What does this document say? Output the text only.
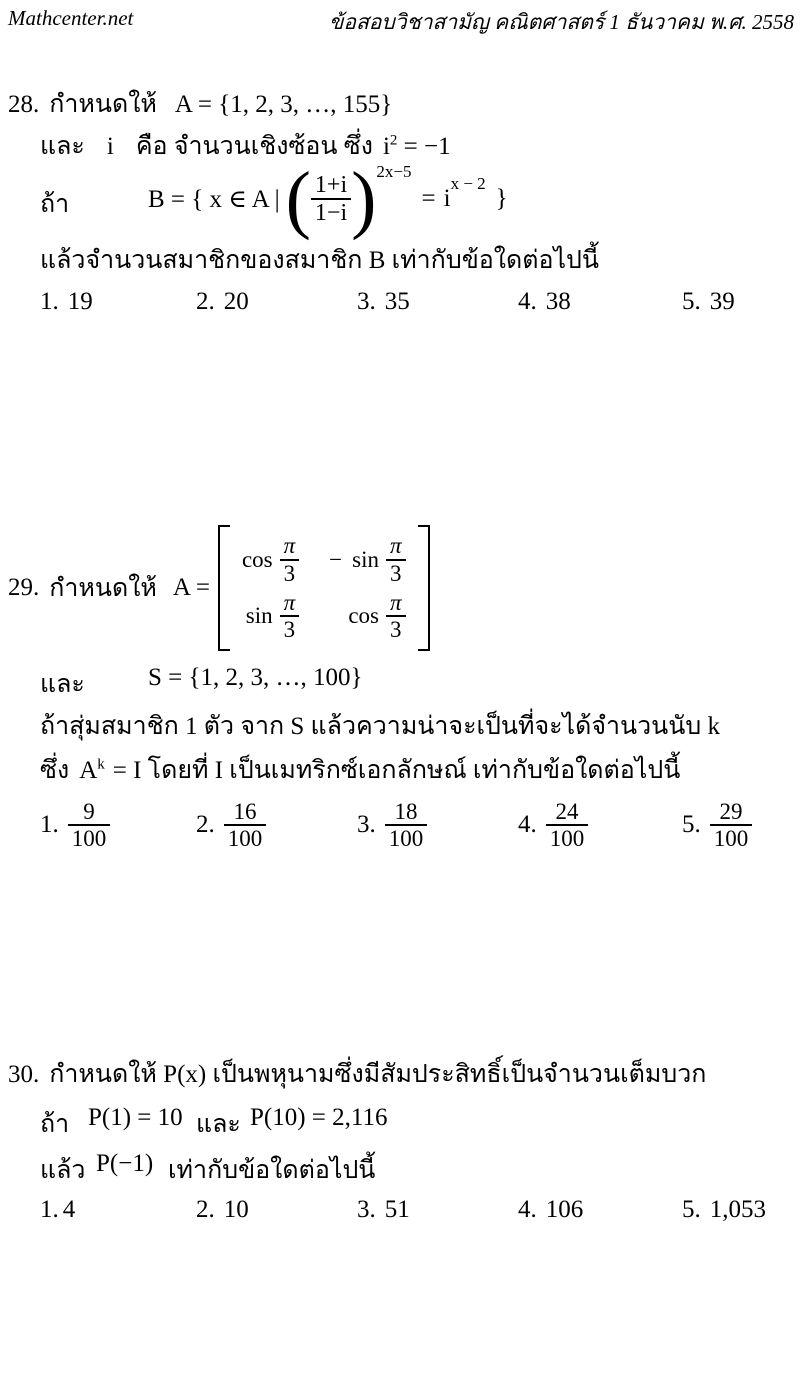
Mathcenter.net	ข้อสอบวิชาสามัญ คณิตศาสตร์ 1 ธันวาคม พ.ศ. 2558
28. กำหนดให้ A = {1, 2, 3, …, 155}
และ i คือ จำนวนเชิงซ้อน ซึ่ง $i^2 = -1$
ถ้า	B = { x ∈ A | ( $\frac{1+i}{1-i}$ ) 2x−5
= i
x − 2
}
แล้วจำนวนสมาชิกของสมาชิก B เท่ากับข้อใดต่อไปนี้
1. 19	2. 20	3. 35	4. 38	5. 39
29. กำหนดให้ A =
$\cos \frac{\pi}{3} - \sin \frac{\pi}{3}$
$\sin \frac{\pi}{3}$ $\cos \frac{\pi}{3}$
และ	S = {1, 2, 3, …, 100}
ถ้าสุ่มสมาชิก 1 ตัว จาก S แล้วความน่าจะเป็นที่จะได้จำนวนนับ k
ซึ่ง $A^k = I$ โดยที่ I เป็นเมทริกซ์เอกลักษณ์ เท่ากับข้อใดต่อไปนี้
1. $\frac{9}{100}$	2. $\frac{16}{100}$	3. $\frac{18}{100}$	4. $\frac{24}{100}$	5. $\frac{29}{100}$
30. กำหนดให้ P(x) เป็นพหุนามซึ่งมีสัมประสิทธิ์เป็นจำนวนเต็มบวก
ถ้า P(1) = 10 และ P(10) = 2,116
แล้ว P(−1) เท่ากับข้อใดต่อไปนี้
1. 4	2. 10	3. 51	4. 106	5. 1,053
